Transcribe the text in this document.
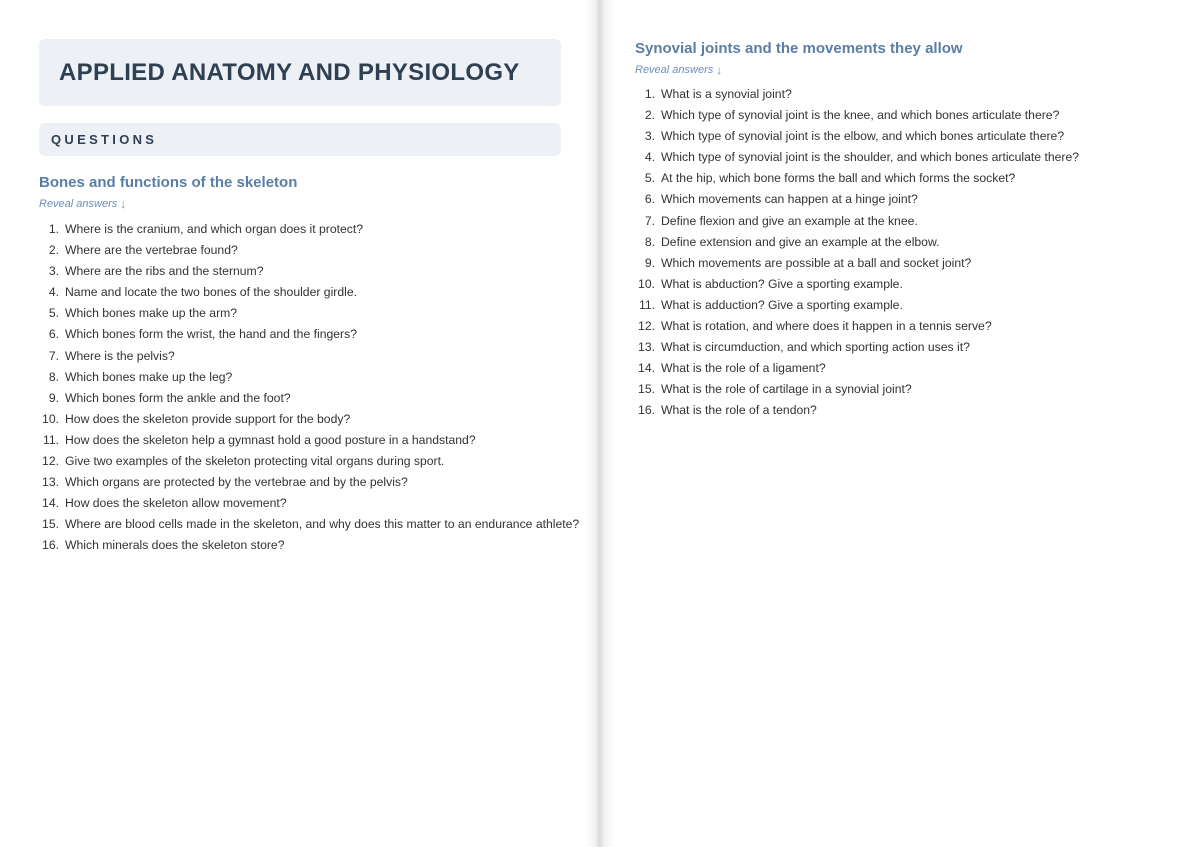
APPLIED ANATOMY AND PHYSIOLOGY
QUESTIONS
Bones and functions of the skeleton
Reveal answers ↓
1. Where is the cranium, and which organ does it protect?
2. Where are the vertebrae found?
3. Where are the ribs and the sternum?
4. Name and locate the two bones of the shoulder girdle.
5. Which bones make up the arm?
6. Which bones form the wrist, the hand and the fingers?
7. Where is the pelvis?
8. Which bones make up the leg?
9. Which bones form the ankle and the foot?
10. How does the skeleton provide support for the body?
11. How does the skeleton help a gymnast hold a good posture in a handstand?
12. Give two examples of the skeleton protecting vital organs during sport.
13. Which organs are protected by the vertebrae and by the pelvis?
14. How does the skeleton allow movement?
15. Where are blood cells made in the skeleton, and why does this matter to an endurance athlete?
16. Which minerals does the skeleton store?
Synovial joints and the movements they allow
Reveal answers ↓
1. What is a synovial joint?
2. Which type of synovial joint is the knee, and which bones articulate there?
3. Which type of synovial joint is the elbow, and which bones articulate there?
4. Which type of synovial joint is the shoulder, and which bones articulate there?
5. At the hip, which bone forms the ball and which forms the socket?
6. Which movements can happen at a hinge joint?
7. Define flexion and give an example at the knee.
8. Define extension and give an example at the elbow.
9. Which movements are possible at a ball and socket joint?
10. What is abduction? Give a sporting example.
11. What is adduction? Give a sporting example.
12. What is rotation, and where does it happen in a tennis serve?
13. What is circumduction, and which sporting action uses it?
14. What is the role of a ligament?
15. What is the role of cartilage in a synovial joint?
16. What is the role of a tendon?
